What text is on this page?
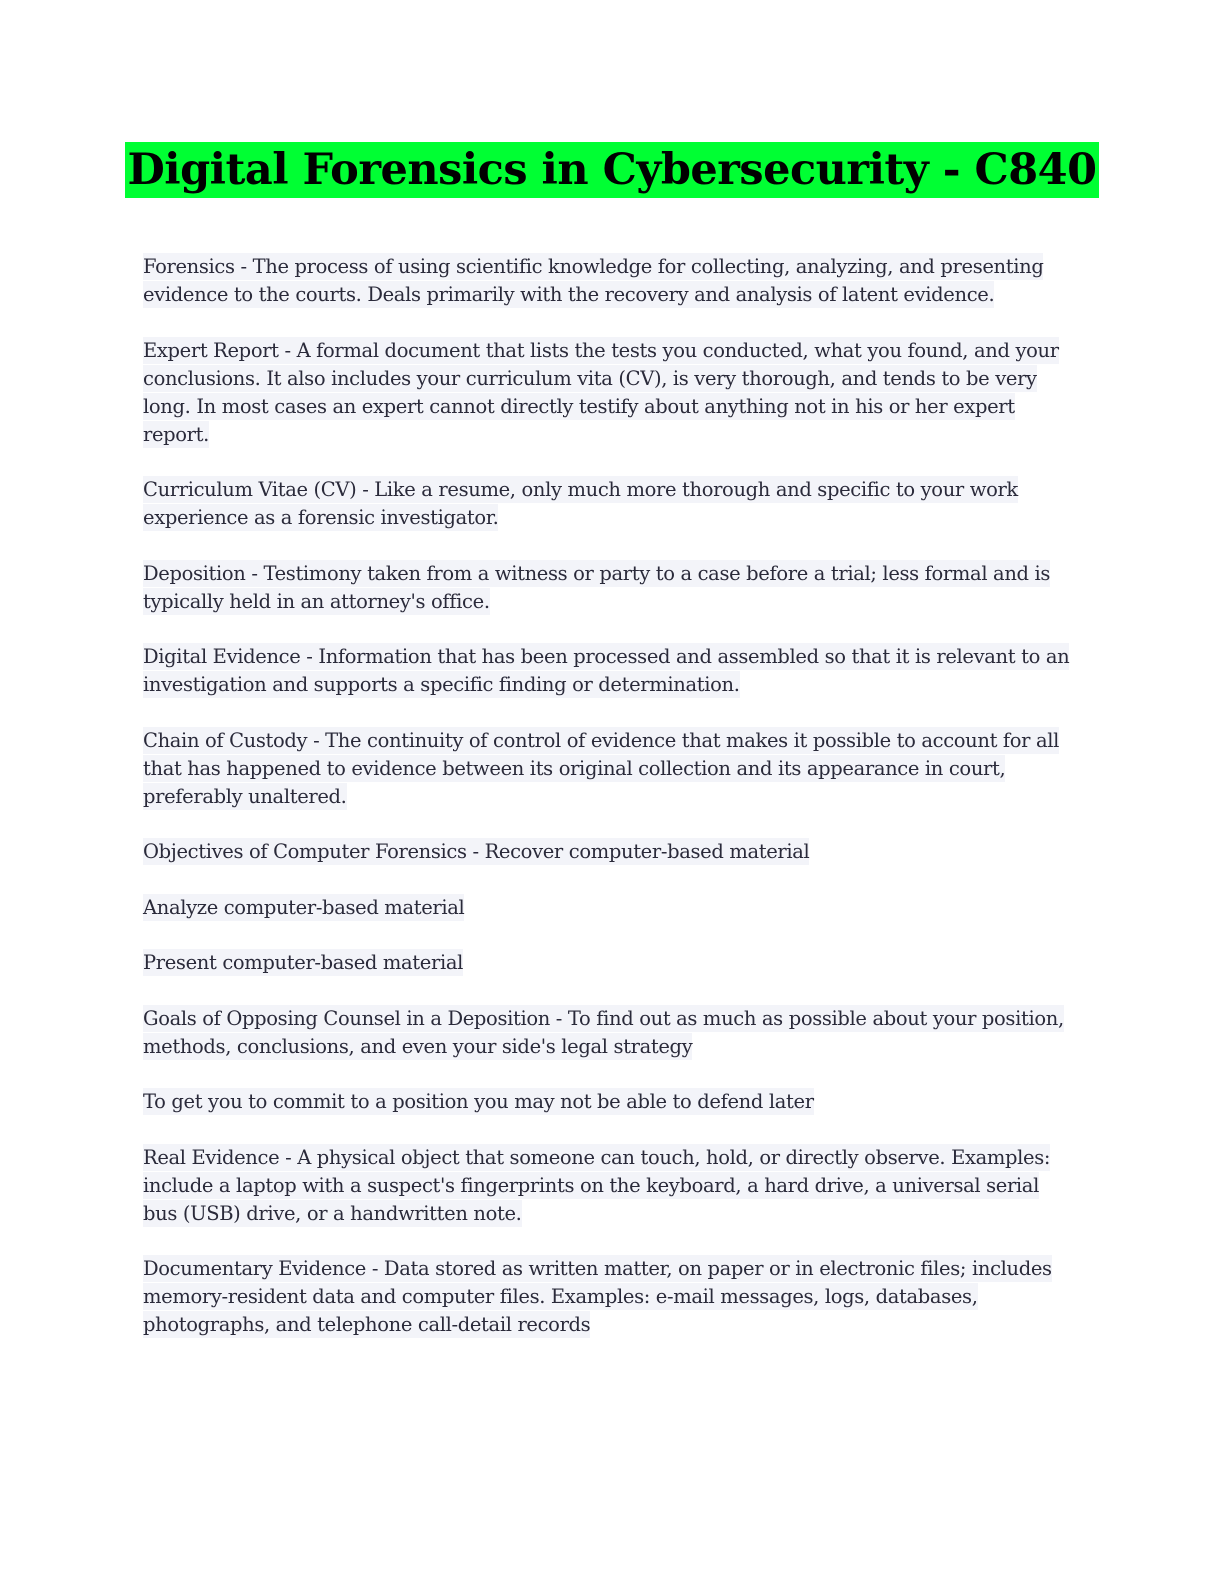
Digital Forensics in Cybersecurity - C840

Forensics - The process of using scientific knowledge for collecting, analyzing, and presenting evidence to the courts. Deals primarily with the recovery and analysis of latent evidence.

Expert Report - A formal document that lists the tests you conducted, what you found, and your conclusions. It also includes your curriculum vita (CV), is very thorough, and tends to be very long. In most cases an expert cannot directly testify about anything not in his or her expert report.

Curriculum Vitae (CV) - Like a resume, only much more thorough and specific to your work experience as a forensic investigator.

Deposition - Testimony taken from a witness or party to a case before a trial; less formal and is typically held in an attorney's office.

Digital Evidence - Information that has been processed and assembled so that it is relevant to an investigation and supports a specific finding or determination.

Chain of Custody - The continuity of control of evidence that makes it possible to account for all that has happened to evidence between its original collection and its appearance in court, preferably unaltered.

Objectives of Computer Forensics - Recover computer-based material

Analyze computer-based material

Present computer-based material

Goals of Opposing Counsel in a Deposition - To find out as much as possible about your position, methods, conclusions, and even your side's legal strategy

To get you to commit to a position you may not be able to defend later

Real Evidence - A physical object that someone can touch, hold, or directly observe. Examples: include a laptop with a suspect's fingerprints on the keyboard, a hard drive, a universal serial bus (USB) drive, or a handwritten note.

Documentary Evidence - Data stored as written matter, on paper or in electronic files; includes memory-resident data and computer files. Examples: e-mail messages, logs, databases, photographs, and telephone call-detail records
